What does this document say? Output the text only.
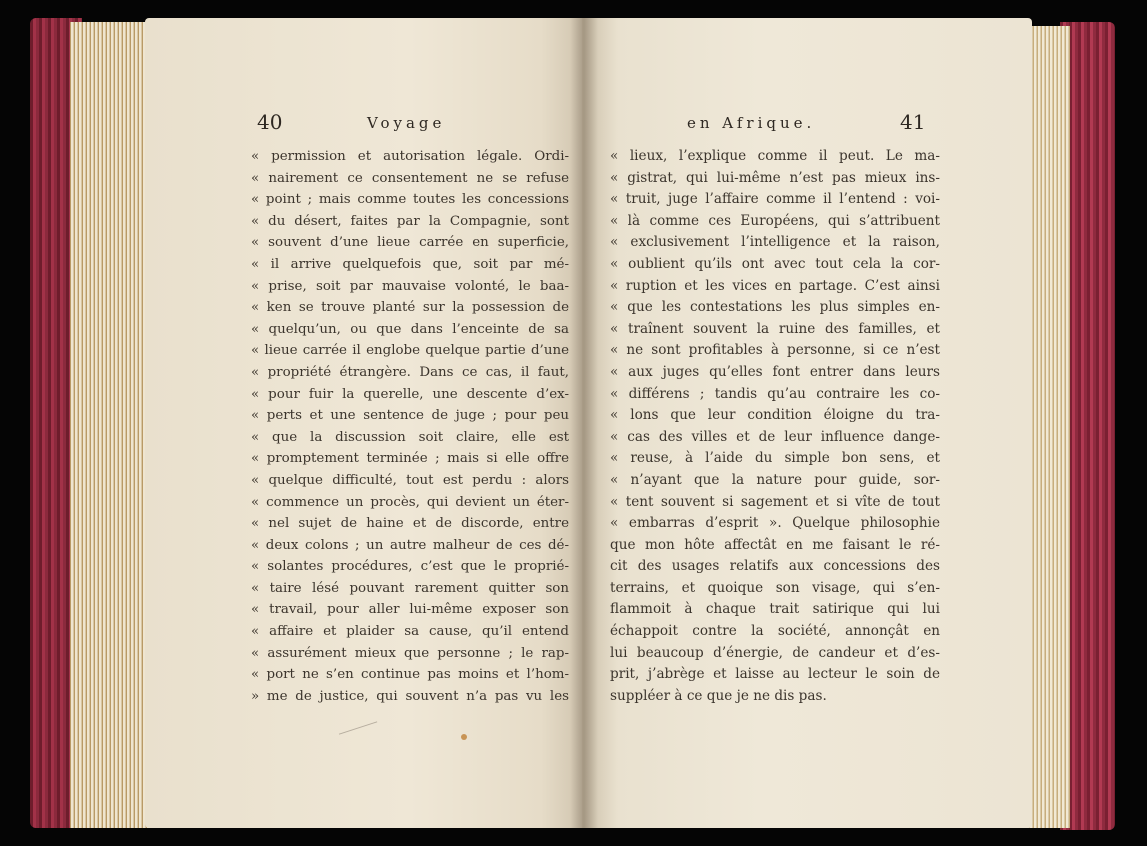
40	Voyage
« permission et autorisation légale. Ordi-
« nairement ce consentement ne se refuse
« point ; mais comme toutes les concessions
« du désert, faites par la Compagnie, sont
« souvent d’une lieue carrée en superficie,
« il arrive quelquefois que, soit par mé-
« prise, soit par mauvaise volonté, le baa-
« ken se trouve planté sur la possession de
« quelqu’un, ou que dans l’enceinte de sa
« lieue carrée il englobe quelque partie d’une
« propriété étrangère. Dans ce cas, il faut,
« pour fuir la querelle, une descente d’ex-
« perts et une sentence de juge ; pour peu
« que la discussion soit claire, elle est
« promptement terminée ; mais si elle offre
« quelque difficulté, tout est perdu : alors
« commence un procès, qui devient un éter-
« nel sujet de haine et de discorde, entre
« deux colons ; un autre malheur de ces dé-
« solantes procédures, c’est que le proprié-
« taire lésé pouvant rarement quitter son
« travail, pour aller lui-même exposer son
« affaire et plaider sa cause, qu’il entend
« assurément mieux que personne ; le rap-
« port ne s’en continue pas moins et l’hom-
» me de justice, qui souvent n’a pas vu les
en Afrique.	41
« lieux, l’explique comme il peut. Le ma-
« gistrat, qui lui-même n’est pas mieux ins-
« truit, juge l’affaire comme il l’entend : voi-
« là comme ces Européens, qui s’attribuent
« exclusivement l’intelligence et la raison,
« oublient qu’ils ont avec tout cela la cor-
« ruption et les vices en partage. C’est ainsi
« que les contestations les plus simples en-
« traînent souvent la ruine des familles, et
« ne sont profitables à personne, si ce n’est
« aux juges qu’elles font entrer dans leurs
« différens ; tandis qu’au contraire les co-
« lons que leur condition éloigne du tra-
« cas des villes et de leur influence dange-
« reuse, à l’aide du simple bon sens, et
« n’ayant que la nature pour guide, sor-
« tent souvent si sagement et si vîte de tout
« embarras d’esprit ». Quelque philosophie
que mon hôte affectât en me faisant le ré-
cit des usages relatifs aux concessions des
terrains, et quoique son visage, qui s’en-
flammoit à chaque trait satirique qui lui
échappoit contre la société, annonçât en
lui beaucoup d’énergie, de candeur et d’es-
prit, j’abrège et laisse au lecteur le soin de
suppléer à ce que je ne dis pas.
